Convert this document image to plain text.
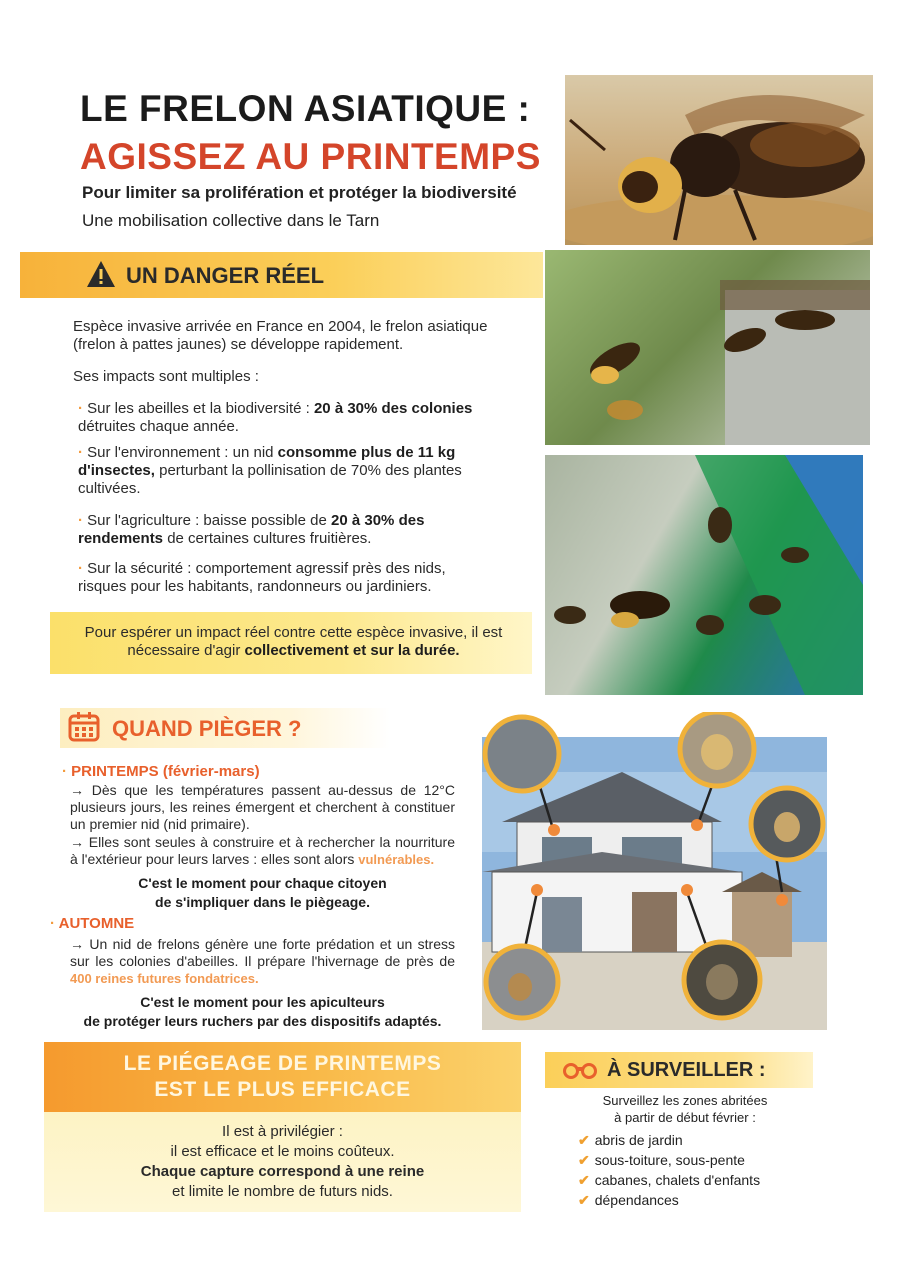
LE FRELON ASIATIQUE :
AGISSEZ AU PRINTEMPS
Pour limiter sa prolifération et protéger la biodiversité
Une mobilisation collective dans le Tarn
UN DANGER RÉEL
Espèce invasive arrivée en France en 2004, le frelon asiatique (frelon à pattes jaunes) se développe rapidement.
Ses impacts sont multiples :
· Sur les abeilles et la biodiversité : 20 à 30% des colonies détruites chaque année.
· Sur l'environnement : un nid consomme plus de 11 kg d'insectes, perturbant la pollinisation de 70% des plantes cultivées.
· Sur l'agriculture : baisse possible de 20 à 30% des rendements de certaines cultures fruitières.
· Sur la sécurité : comportement agressif près des nids, risques pour les habitants, randonneurs ou jardiniers.
Pour espérer un impact réel contre cette espèce invasive, il est nécessaire d'agir collectivement et sur la durée.
QUAND PIÈGER ?
· PRINTEMPS (février-mars)
→ Dès que les températures passent au-dessus de 12°C plusieurs jours, les reines émergent et cherchent à constituer un premier nid (nid primaire).
→ Elles sont seules à construire et à rechercher la nourriture à l'extérieur pour leurs larves : elles sont alors vulnérables.
C'est le moment pour chaque citoyen
de s'impliquer dans le piègeage.
· AUTOMNE
→ Un nid de frelons génère une forte prédation et un stress sur les colonies d'abeilles. Il prépare l'hivernage de près de 400 reines futures fondatrices.
C'est le moment pour les apiculteurs
de protéger leurs ruchers par des dispositifs adaptés.
LE PIÉGEAGE DE PRINTEMPS
EST LE PLUS EFFICACE
Il est à privilégier :
il est efficace et le moins coûteux.
Chaque capture correspond à une reine
et limite le nombre de futurs nids.
À SURVEILLER :
Surveillez les zones abritées
à partir de début février :
✔ abris de jardin
✔ sous-toiture, sous-pente
✔ cabanes, chalets d'enfants
✔ dépendances
